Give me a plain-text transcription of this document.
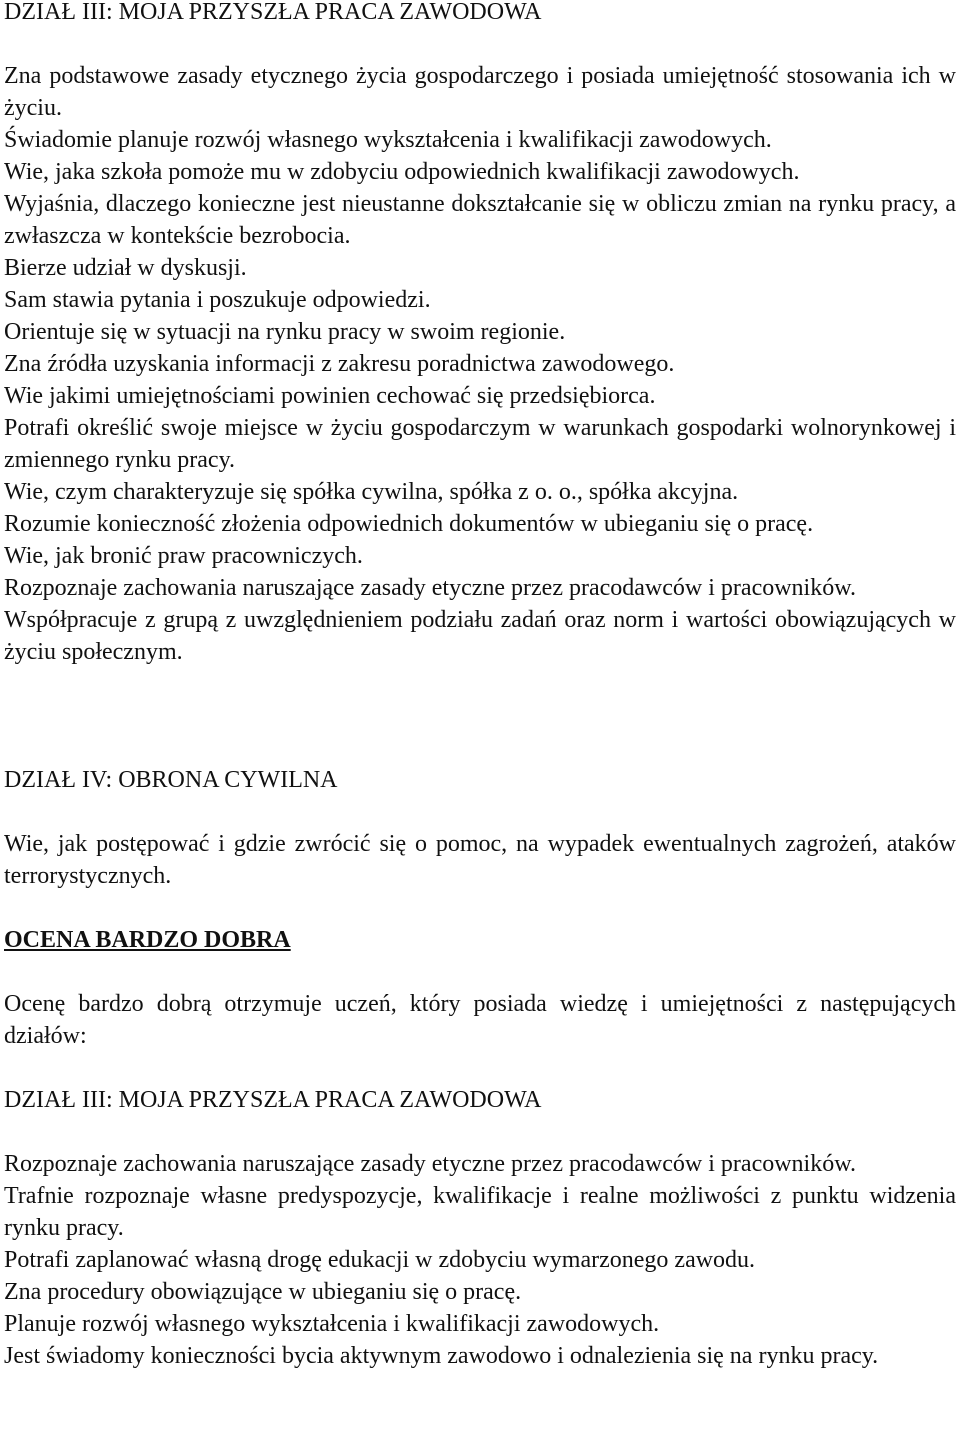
DZIAŁ III: MOJA PRZYSZŁA PRACA ZAWODOWA

Zna podstawowe zasady etycznego życia gospodarczego i posiada umiejętność stosowania ich w życiu.

Świadomie planuje rozwój własnego wykształcenia i kwalifikacji zawodowych.

Wie, jaka szkoła pomoże mu w zdobyciu odpowiednich kwalifikacji zawodowych.

Wyjaśnia, dlaczego konieczne jest nieustanne dokształcanie się w obliczu zmian na rynku pracy, a zwłaszcza w kontekście bezrobocia.

Bierze udział w dyskusji.

Sam stawia pytania i poszukuje odpowiedzi.

Orientuje się w sytuacji na rynku pracy w swoim regionie.

Zna źródła uzyskania informacji z zakresu poradnictwa zawodowego.

Wie jakimi umiejętnościami powinien cechować się przedsiębiorca.

Potrafi określić swoje miejsce w życiu gospodarczym w warunkach gospodarki wolnorynkowej i zmiennego rynku pracy.

Wie, czym charakteryzuje się spółka cywilna, spółka z o. o., spółka akcyjna.

Rozumie konieczność złożenia odpowiednich dokumentów w ubieganiu się o pracę.

Wie, jak bronić praw pracowniczych.

Rozpoznaje zachowania naruszające zasady etyczne przez pracodawców i pracowników.

Współpracuje z grupą z uwzględnieniem podziału zadań oraz norm i wartości obowiązujących w życiu społecznym.

DZIAŁ IV: OBRONA CYWILNA

Wie, jak postępować i gdzie zwrócić się o pomoc, na wypadek ewentualnych zagrożeń, ataków terrorystycznych.

OCENA BARDZO DOBRA

Ocenę bardzo dobrą otrzymuje uczeń, który posiada wiedzę i umiejętności z następujących działów:

DZIAŁ III: MOJA PRZYSZŁA PRACA ZAWODOWA

Rozpoznaje zachowania naruszające zasady etyczne przez pracodawców i pracowników.

Trafnie rozpoznaje własne predyspozycje, kwalifikacje i realne możliwości z punktu widzenia rynku pracy.

Potrafi zaplanować własną drogę edukacji w zdobyciu wymarzonego zawodu.

Zna procedury obowiązujące w ubieganiu się o pracę.

Planuje rozwój własnego wykształcenia i kwalifikacji zawodowych.

Jest świadomy konieczności bycia aktywnym zawodowo i odnalezienia się na rynku pracy.
